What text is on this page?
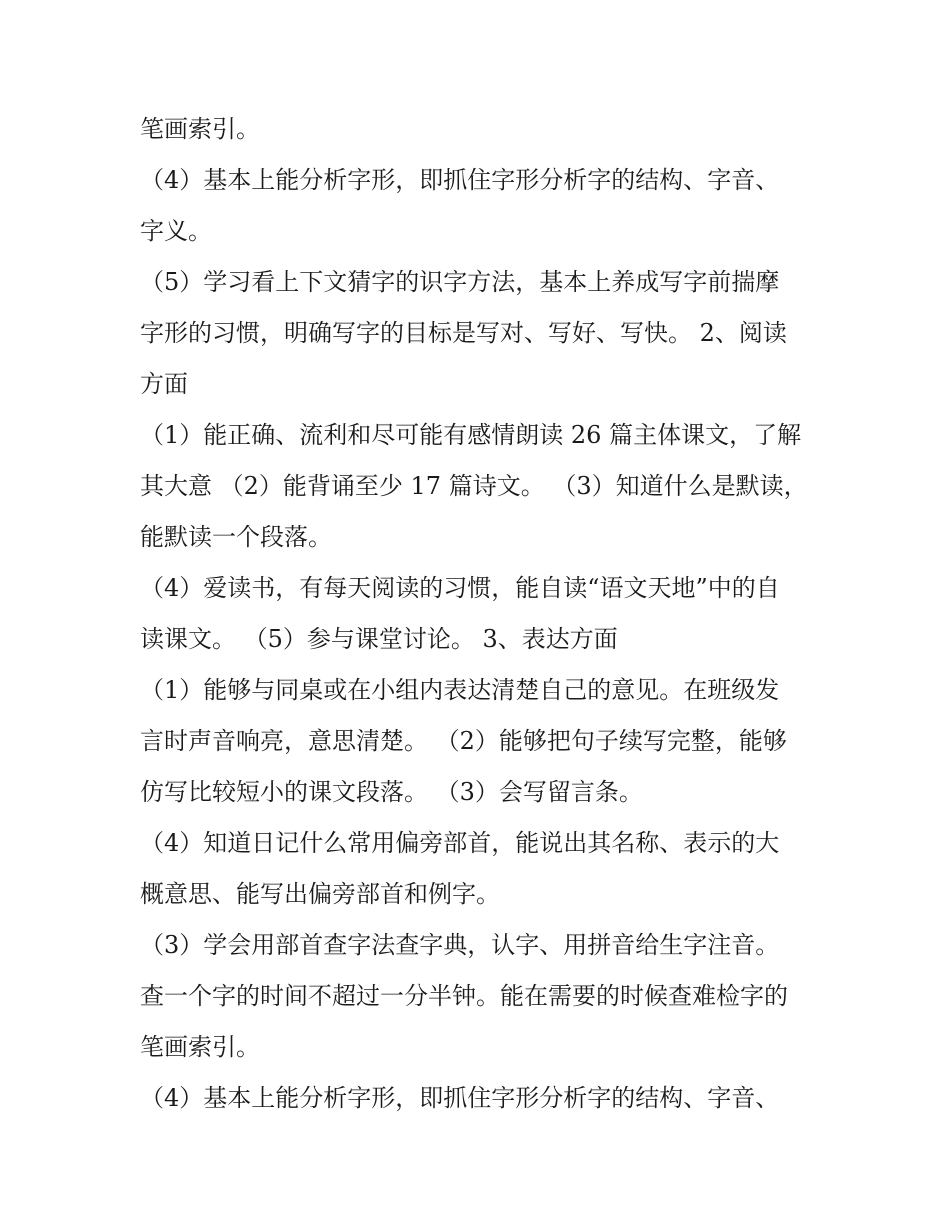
笔画索引。
（4）基本上能分析字形，即抓住字形分析字的结构、字音、
字义。
（5）学习看上下文猜字的识字方法，基本上养成写字前揣摩
字形的习惯，明确写字的目标是写对、写好、写快。 2、阅读
方面
（1）能正确、流利和尽可能有感情朗读 26 篇主体课文，了解
其大意 （2）能背诵至少 17 篇诗文。 （3）知道什么是默读，
能默读一个段落。
（4）爱读书，有每天阅读的习惯，能自读“语文天地”中的自
读课文。 （5）参与课堂讨论。 3、表达方面
（1）能够与同桌或在小组内表达清楚自己的意见。在班级发
言时声音响亮，意思清楚。 （2）能够把句子续写完整，能够
仿写比较短小的课文段落。 （3）会写留言条。
（4）知道日记什么常用偏旁部首，能说出其名称、表示的大
概意思、能写出偏旁部首和例字。
（3）学会用部首查字法查字典，认字、用拼音给生字注音。
查一个字的时间不超过一分半钟。能在需要的时候查难检字的
笔画索引。
（4）基本上能分析字形，即抓住字形分析字的结构、字音、
